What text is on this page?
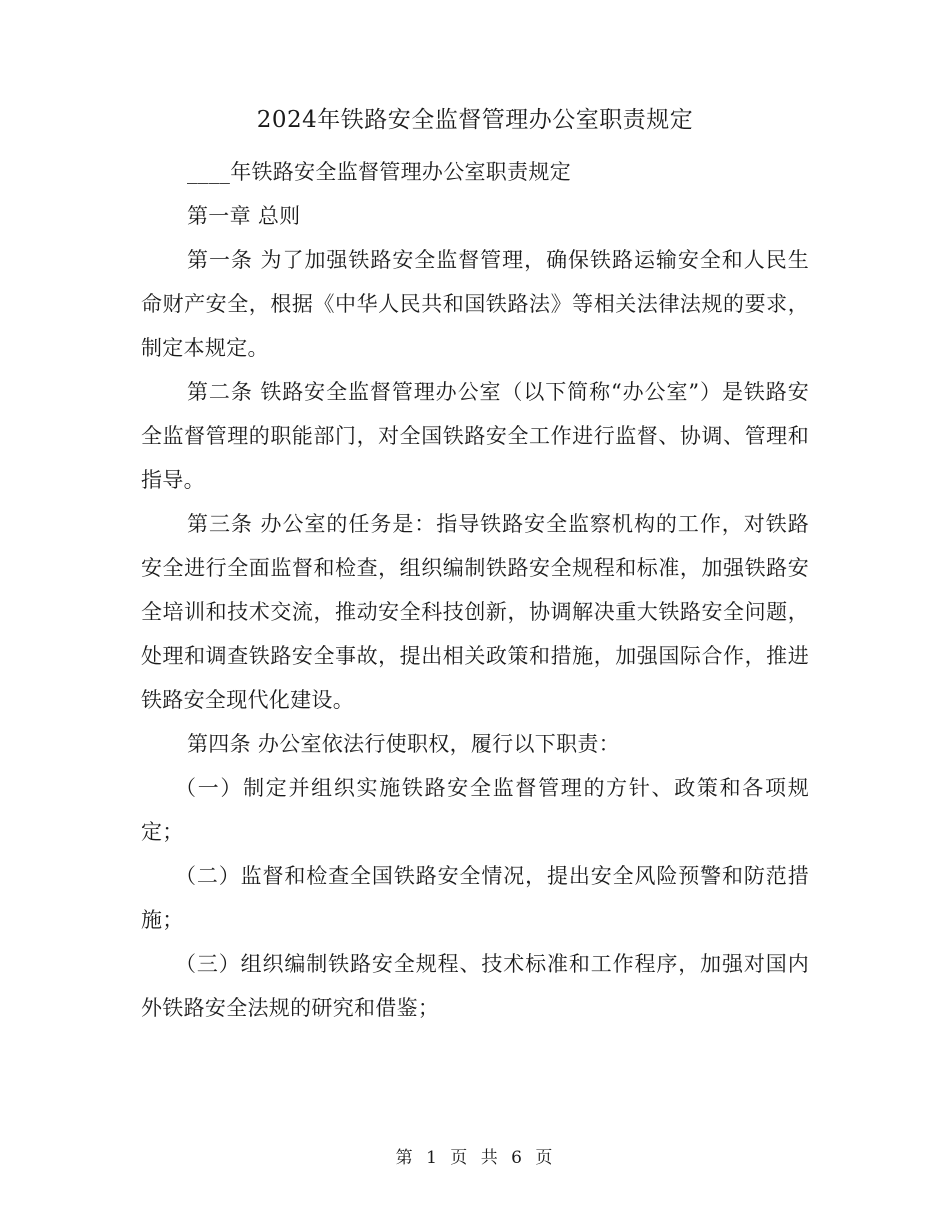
2024年铁路安全监督管理办公室职责规定

____年铁路安全监督管理办公室职责规定

第一章 总则

第一条 为了加强铁路安全监督管理，确保铁路运输安全和人民生命财产安全，根据《中华人民共和国铁路法》等相关法律法规的要求，制定本规定。

第二条 铁路安全监督管理办公室（以下简称“办公室”）是铁路安全监督管理的职能部门，对全国铁路安全工作进行监督、协调、管理和指导。

第三条 办公室的任务是：指导铁路安全监察机构的工作，对铁路安全进行全面监督和检查，组织编制铁路安全规程和标准，加强铁路安全培训和技术交流，推动安全科技创新，协调解决重大铁路安全问题，处理和调查铁路安全事故，提出相关政策和措施，加强国际合作，推进铁路安全现代化建设。

第四条 办公室依法行使职权，履行以下职责：

（一）制定并组织实施铁路安全监督管理的方针、政策和各项规定；

（二）监督和检查全国铁路安全情况，提出安全风险预警和防范措施；

（三）组织编制铁路安全规程、技术标准和工作程序，加强对国内外铁路安全法规的研究和借鉴；

第 1 页 共 6 页
